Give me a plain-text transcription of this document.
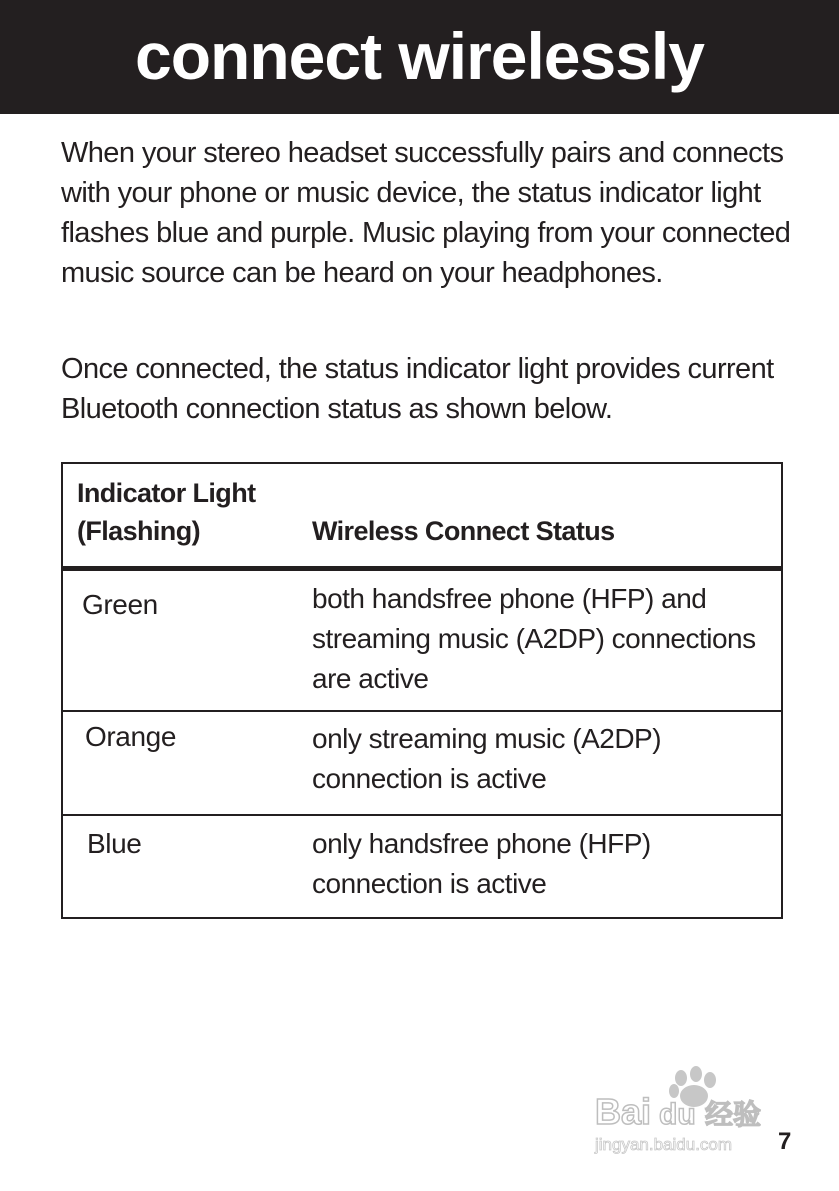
connect wirelessly

When your stereo headset successfully pairs and connects with your phone or music device, the status indicator light flashes blue and purple. Music playing from your connected music source can be heard on your headphones.

Once connected, the status indicator light provides current Bluetooth connection status as shown below.

Indicator Light (Flashing)	Wireless Connect Status
Green	both handsfree phone (HFP) and streaming music (A2DP) connections are active
Orange	only streaming music (A2DP) connection is active
Blue	only handsfree phone (HFP) connection is active
Bai du 经验
jingyan.baidu.com 7
